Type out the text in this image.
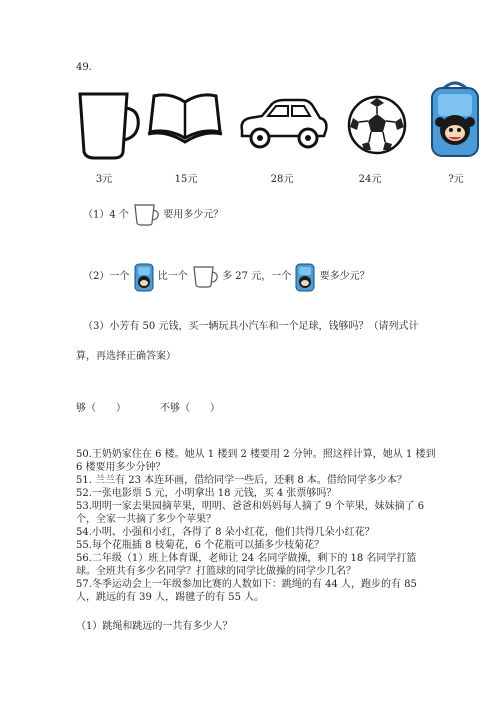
49.
3元	15元	28元	24元	?元
（1）4 个	要用多少元？
（2）一个	比一个	多 27 元，一个	要多少元？
（3）小芳有 50 元钱，买一辆玩具小汽车和一个足球，钱够吗？（请列式计
算，再选择正确答案）
够（　　）	不够（　　）
50.王奶奶家住在 6 楼。她从 1 楼到 2 楼要用 2 分钟。照这样计算，她从 1 楼到
6 楼要用多少分钟？
51. 兰兰有 23 本连环画，借给同学一些后，还剩 8 本。借给同学多少本？
52.一张电影票 5 元，小明拿出 18 元钱，买 4 张票够吗？
53.明明一家去果园摘苹果，明明、爸爸和妈妈每人摘了 9 个苹果，妹妹摘了 6
个，全家一共摘了多少个苹果？
54.小明、小强和小红，各得了 8 朵小红花，他们共得几朵小红花？
55.每个花瓶插 8 枝菊花，6 个花瓶可以插多少枝菊花？
56.二年级（1）班上体育课，老师让 24 名同学做操，剩下的 18 名同学打篮
球。全班共有多少名同学？打篮球的同学比做操的同学少几名？
57.冬季运动会上一年级参加比赛的人数如下：跳绳的有 44 人，跑步的有 85
人，跳远的有 39 人，踢毽子的有 55 人。
（1）跳绳和跳远的一共有多少人？
